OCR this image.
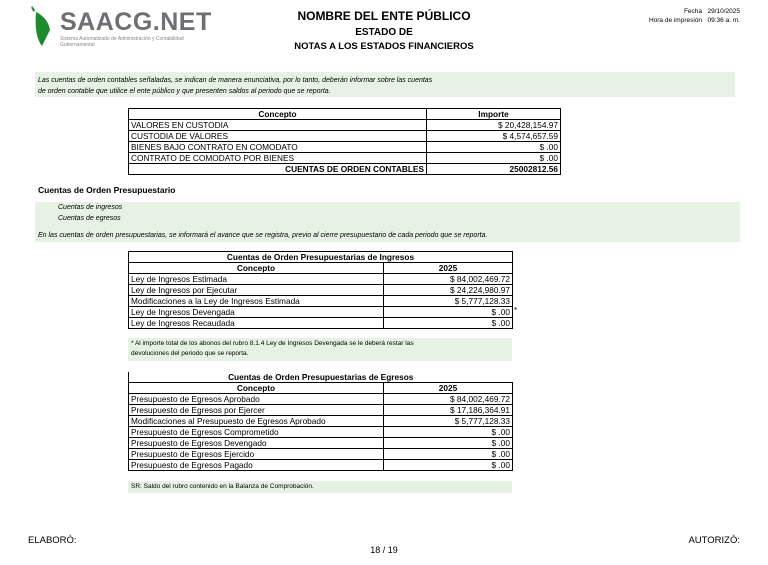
SAACG.NET
Sistema Automatizado de Administración y Contabilidad Gubernamental
NOMBRE DEL ENTE PÚBLICO
ESTADO DE
NOTAS A LOS ESTADOS FINANCIEROS
Fecha 29/10/2025
Hora de impresión 09:36 a. m.
Las cuentas de orden contables señaladas, se indican de manera enunciativa, por lo tanto, deberán informar sobre las cuentas
de orden contable que utilice el ente público y que presenten saldos al periodo que se reporta.
Concepto	Importe
VALORES EN CUSTODIA	$ 20,428,154.97
CUSTODIA DE VALORES	$ 4,574,657.59
BIENES BAJO CONTRATO EN COMODATO	$ .00
CONTRATO DE COMODATO POR BIENES	$ .00
CUENTAS DE ORDEN CONTABLES	25002812.56
Cuentas de Orden Presupuestario
Cuentas de ingresos
Cuentas de egresos
En las cuentas de orden presupuestarias, se informará el avance que se registra, previo al cierre presupuestario de cada periodo que se reporta.
Cuentas de Orden Presupuestarias de Ingresos	
Concepto	2025
Ley de Ingresos Estimada	$ 84,002,469.72
Ley de Ingresos por Ejecutar	$ 24,224,980.97
Modificaciones a la Ley de Ingresos Estimada	$ 5,777,128.33
Ley de Ingresos Devengada	$ .00
Ley de Ingresos Recaudada	$ .00
*
* Al importe total de los abonos del rubro 8.1.4 Ley de Ingresos Devengada se le deberá restar las
devoluciones del periodo que se reporta.
Cuentas de Orden Presupuestarias de Egresos	
Concepto	2025
Presupuesto de Egresos Aprobado	$ 84,002,469.72
Presupuesto de Egresos por Ejercer	$ 17,186,364.91
Modificaciones al Presupuesto de Egresos Aprobado	$ 5,777,128.33
Presupuesto de Egresos Comprometido	$ .00
Presupuesto de Egresos Devengado	$ .00
Presupuesto de Egresos Ejercido	$ .00
Presupuesto de Egresos Pagado	$ .00
SR: Saldo del rubro contenido en la Balanza de Comprobación.
ELABORÓ:	AUTORIZÓ:
18 / 19
